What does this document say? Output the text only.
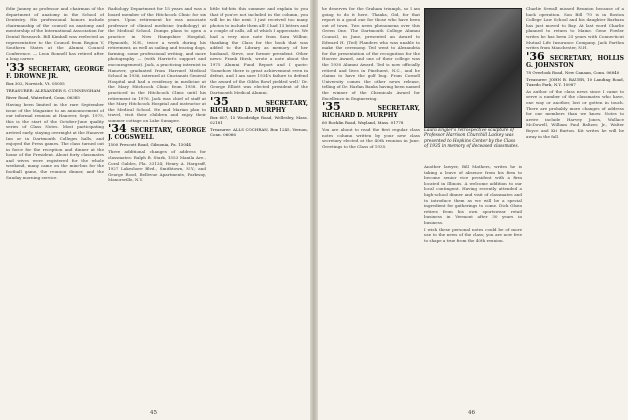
Edie Janney as professor and chairman of the department of anatomy in the School of Dentistry. His professional honors include chairmanship of the council on anatomy and mentorship of the International Association for Dental Research. Bill Kimball was reelected as representative to the Council from Region V, Southern States at the Alumni Council Conference. — Leon Bonnell has retired after a long career.

'33 SECRETARY, GEORGE F. DROWNE JR.
Box 302, Norwich, Vt. 05055
TREASURER: ALEXANDER S. CUNNINGHAM
River Road, Waterford, Conn. 06385

Having been limited in the rare September issue of the Magazine to an announcement of our informal reunion at Hanover, Sept. 1975, this is the start of the October-June quality series of Class Notes. Most participating arrived early, staying overnight at the Hanover Inn or in Dartmouth Colleges halls, and enjoyed the Press games. The class turned out in force for the reception and dinner at the home of the President. About forty classmates and wives were registered for the whole weekend, many came on the mini-bus for the football game, the reunion dinner, and the Sunday morning service.

Radiology Department for 15 years and was a board member of the Hitchcock Clinic for six years. Upon retirement he was associate professor of clinical medicine (radiology) at the Medical School. Dumps plans to open a practice in New Hampshire Hospital, Plymouth, N.H., twice a week during his retirement, as well as sailing and tracing dogs, farming, some professional writing, and more photography — (with Harriet's support and encouragement). Jack, a practicing internist in Hanover, graduated from Harvard Medical School in 1936, interned at Cincinnati General Hospital and had a residency in medicine at the Mary Hitchcock Clinic from 1938. He practiced in the Hitchcock Clinic until his retirement in 1976. Jack was chief of staff at the Mary Hitchcock Hospital and instructor at the Medical School. He and Marian plan to travel, visit their children and enjoy their summer cottage on Lake Sunapee.

'34 SECRETARY, GEORGE J. COGSWELL
1500 Prescott Road, Gibsonia, Pa. 15044

Three additional changes of address for classmates: Ralph B. Stark, 1553 Manila Ave., Coral Gables, Fla. 33134; Henry A. Hargraff, 1927 Lakeshore Blvd., Smithtown, N.Y.; and George Rood, Bellevue Apartments, Parkway, Manorsville, N.Y.

little tid-bits this summer and explain to you that if you're not included in the column, you will be in the next. I just received too many photos to include them all! I had 13 letters and a couple of calls, all of which I appreciate. We had a very nice note from Sara Wilbur, thanking the Class for the book that was added to the Library as memory of her husband, Steve, our former president. Other news: Frank Hirsh, wrote a note about the 1975 Alumni Fund Report and I quote: 'Somehow there is great achievement even in defeat, and I am sure 1934's failure to defend the award of the Gibbs Bowl yielded well.' Dr. George Elliott was elected president of the Dartmouth Medical Alumni.

'35	SECRETARY, RICHARD D. MURPHY
Box 607, 15 Woodridge Road, Wellesley, Mass. 02181
Treasurer: ALLS COCHRAN, Box 1245, Vernon, Conn. 06066
45

he deserves for the Graham triumph, so I am going to do it here. Thanks, Gid, for that report is a good one for those who have been out of town. Two news phenomena over this Green One. The Dartmouth College Alumni Council, in June, presented an Award to Edward H. (Ted) Flanders who was unable to make the ceremony. Ted went to Alexandria for the presentation of the recognition for the Hoover Award, and one of their college was the 1930 Alumni Award. Ted is now officially retired and lives in Pinehurst, N.C., and he claims to have the golf bug. From Cornell University comes the other news release, telling of Dr. Harlan Banks having been named the winner of the Chemicals Award for Excellence in Engineering.

'35	SECRETARY, RICHARD D. MURPHY
60 Rocklin Road, Wayland, Mass. 01778

You are about to read the first regular class notes column written by your new class secretary elected at the 40th reunion in June. Greetings to the Class of 1935.

Laura Engler's retrospective sculpture of Professor Harrison Churchill Lackey was presented to Hopkins Center by the Class of 1935 in memory of deceased classmates.

Another lawyer, Bill Mathers, writes he is taking a leave of absence from his firm to become senior vice president with a firm located in Illinois. A welcome addition to our local contingent. Having recently attended a high-school dinner and visit of classmates and to introduce them as we will be a special ingredient for gatherings to come. Dick Olsen retires from his own sportswear retail business in Vermont after 30 years in business.

I wish these personal notes could be of more use to the news of the class; you are now free to shape a true from the 40th reunion.

Charlie Sewall missed Reunion because of a back operation. Son Bill '70 is in Boston College Law School and his daughter Barbara has just moved to Bay. At last word Charlie planned to return to Maine. Gene Fowler writes he has been 25 years with Connecticut Mutual Life Insurance Company. Jack Partlon writes from Manchester, N.H.

'36 SECRETARY, HOLLIS G. JOHNSTON
78 Overlook Road, New Canaan, Conn. 06840
Treasurer: JOHN B. BAUER, 10 Landing Road, Tuxedo Park, N.Y. 10987

As author of the class news since I came to serve a number of the classmates who have, one way or another, lost or gotten in touch. There are probably more changes of address for our members than we know. Notes to arrive include Harvey Jones, Wallace McDowell, William Paul Baltzer, Jr., Walter Boyce and Kit Burton. Kit writes he will be away in the fall.

46
